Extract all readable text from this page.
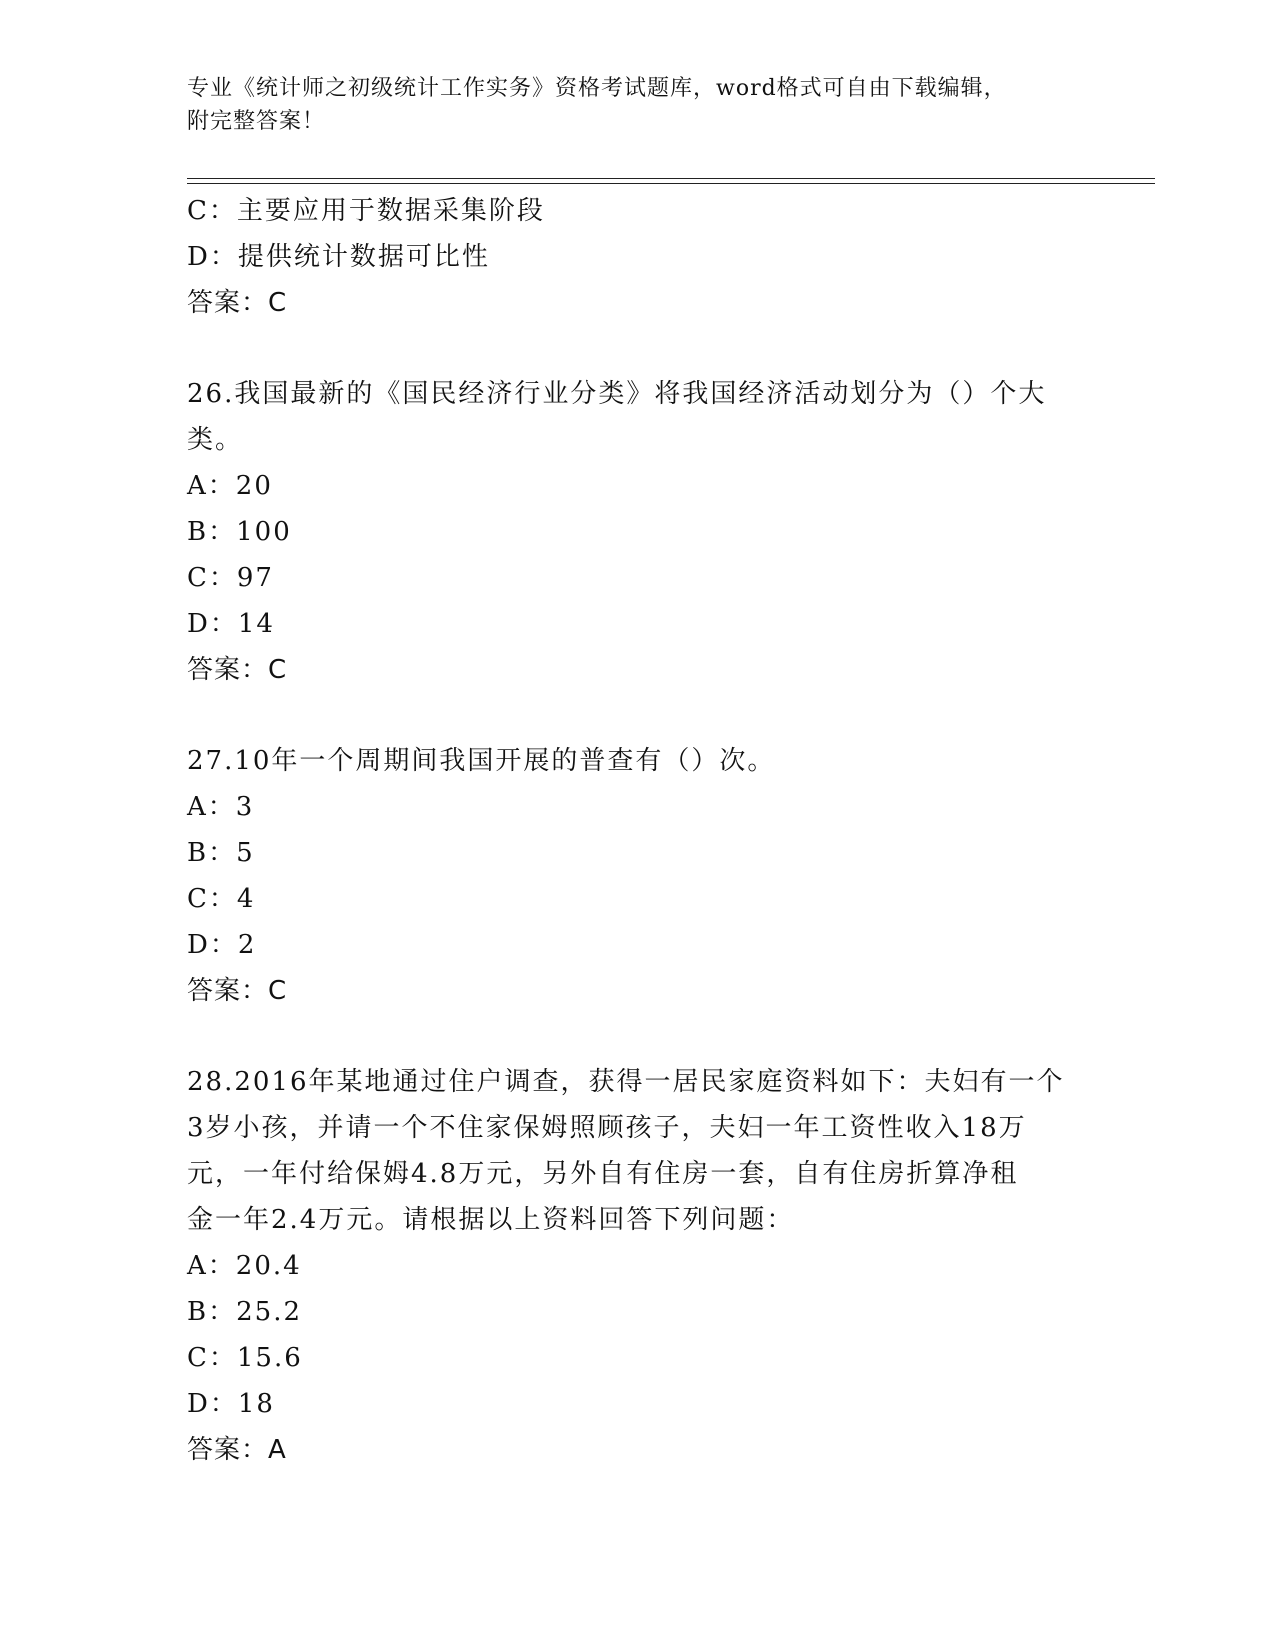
专业《统计师之初级统计工作实务》资格考试题库，word格式可自由下载编辑，
附完整答案！
C：主要应用于数据采集阶段
D：提供统计数据可比性
答案：C
26.我国最新的《国民经济行业分类》将我国经济活动划分为（）个大
类。
A：20
B：100
C：97
D：14
答案：C
27.10年一个周期间我国开展的普查有（）次。
A：3
B：5
C：4
D：2
答案：C
28.2016年某地通过住户调查，获得一居民家庭资料如下：夫妇有一个
3岁小孩，并请一个不住家保姆照顾孩子，夫妇一年工资性收入18万
元，一年付给保姆4.8万元，另外自有住房一套，自有住房折算净租
金一年2.4万元。请根据以上资料回答下列问题：
A：20.4
B：25.2
C：15.6
D：18
答案：A
